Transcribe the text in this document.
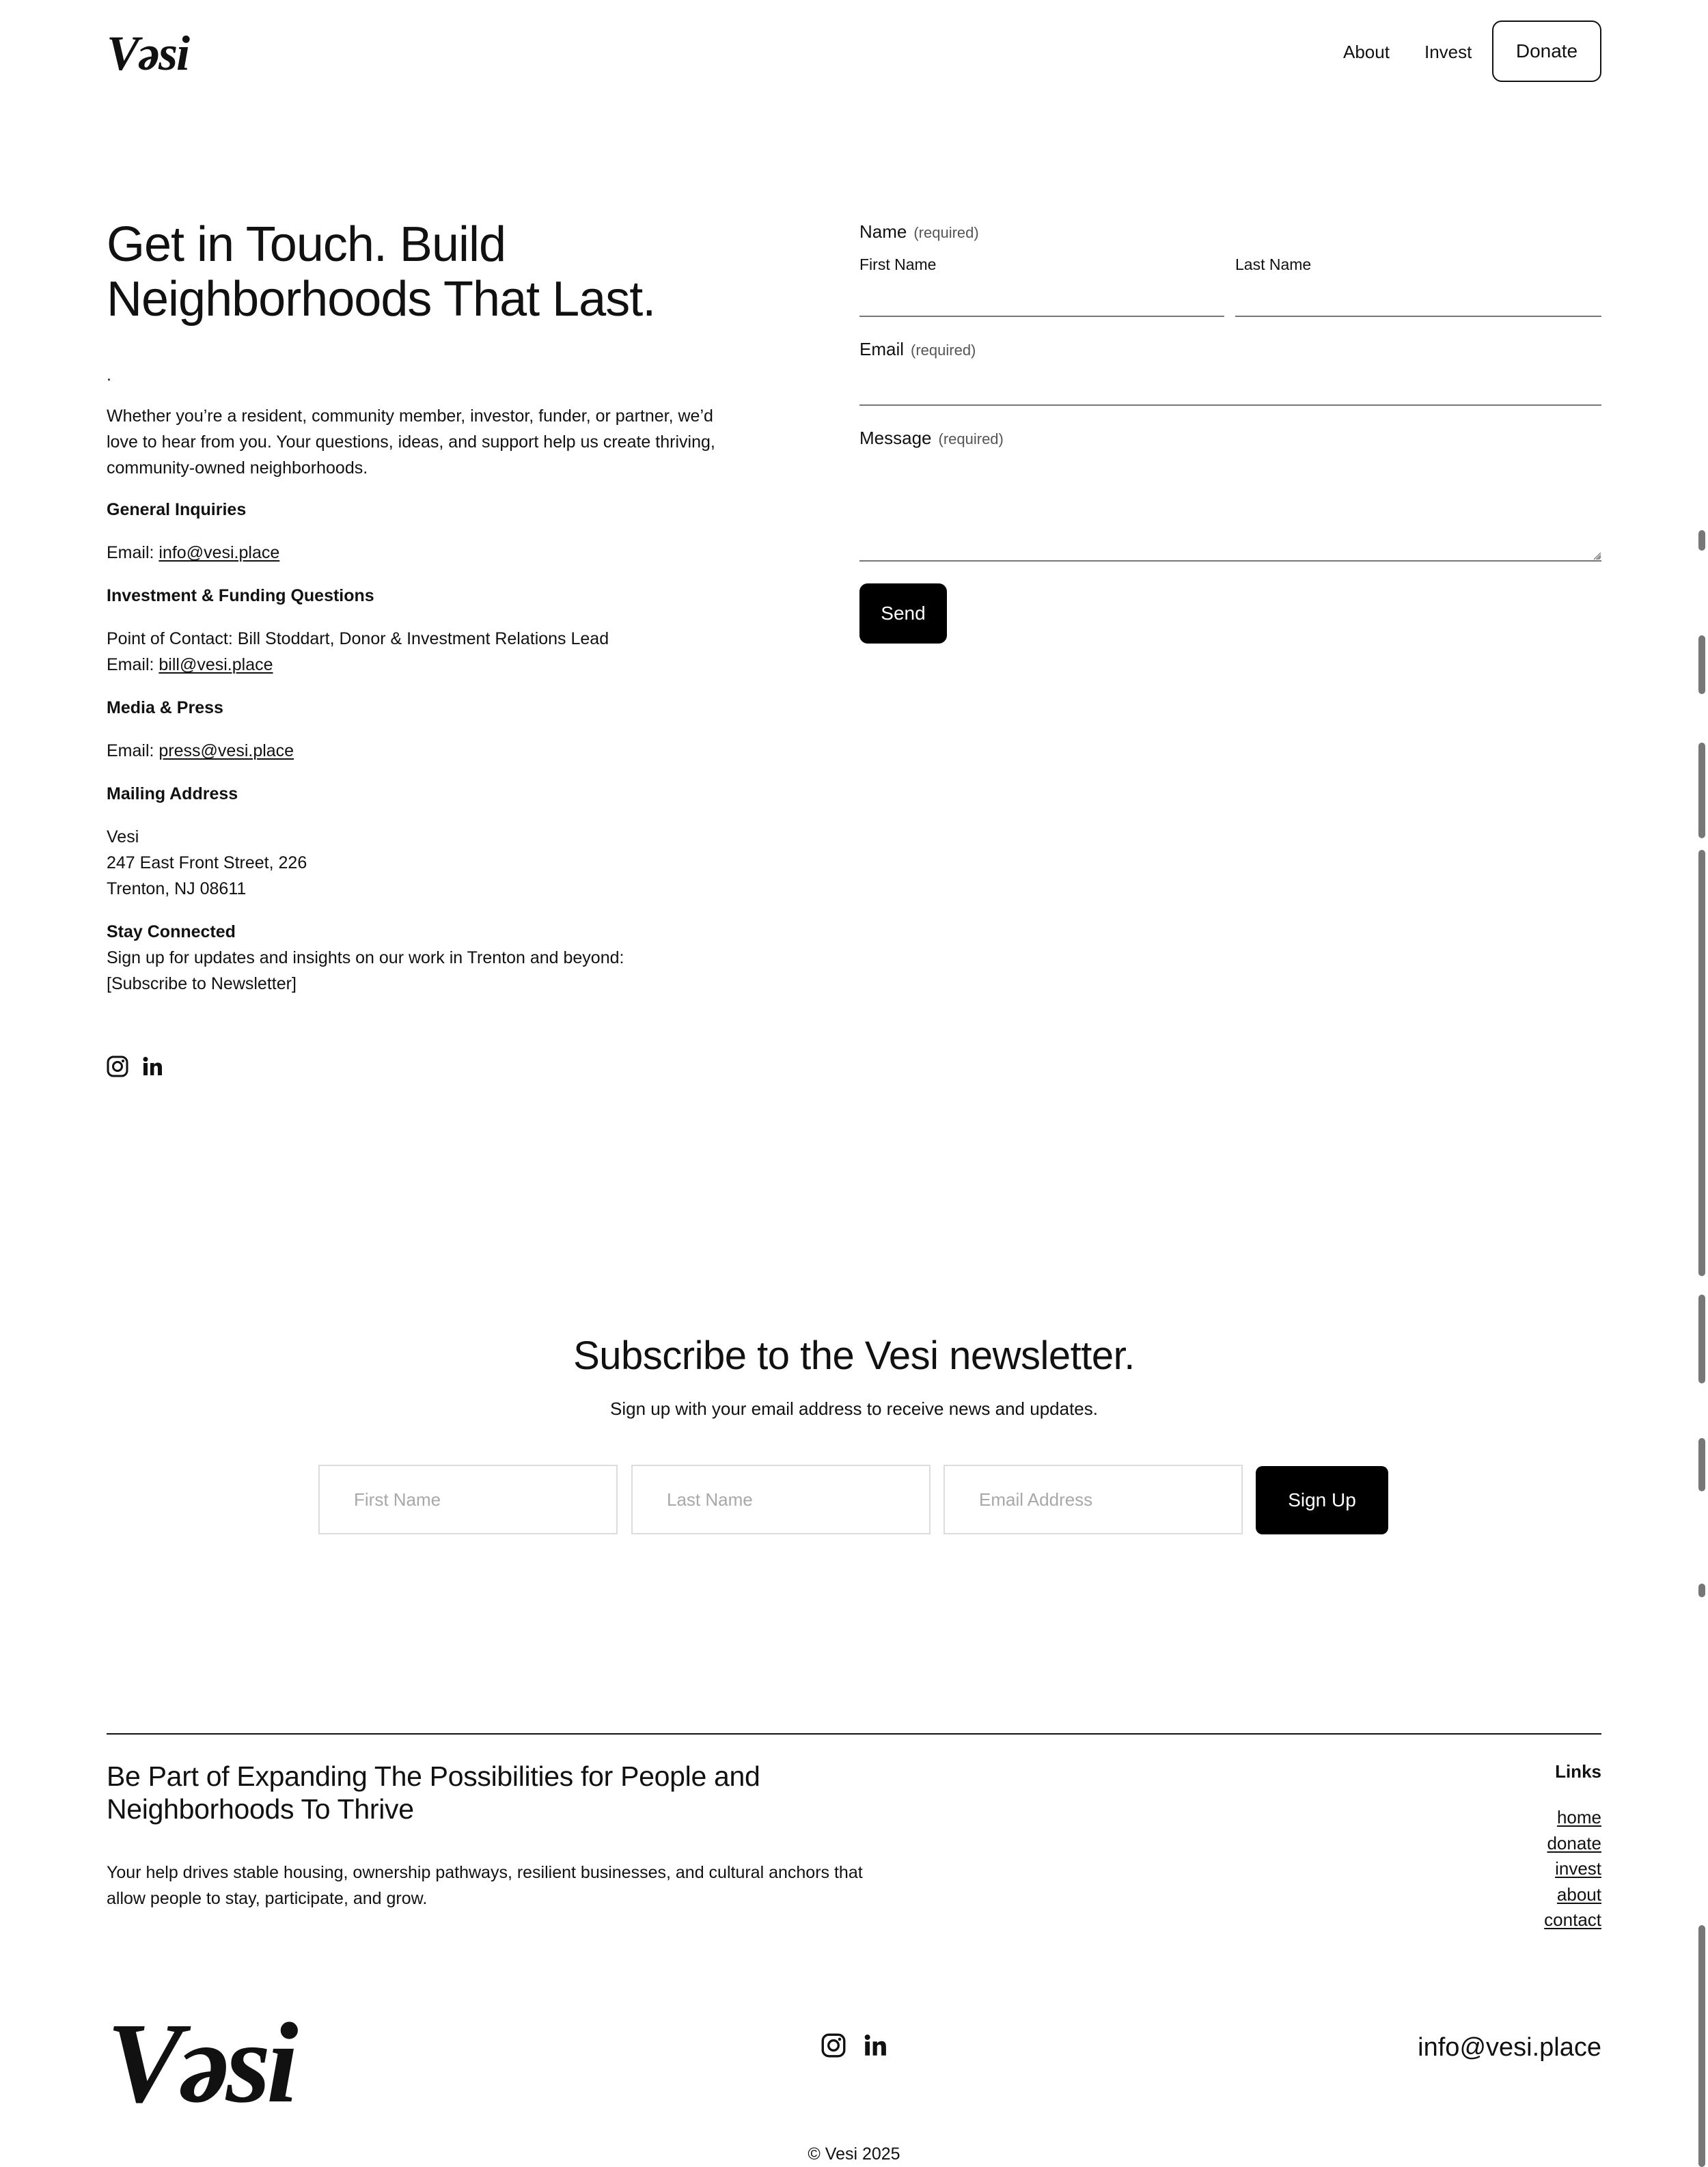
Vəsi	About Invest	Donate
Get in Touch. Build
Neighborhoods That Last.
.
Whether you’re a resident, community member, investor, funder, or partner, we’d love to hear from you. Your questions, ideas, and support help us create thriving, community-owned neighborhoods.
General Inquiries
Email: info@vesi.place
Investment & Funding Questions
Point of Contact: Bill Stoddart, Donor & Investment Relations Lead
Email: bill@vesi.place
Media & Press
Email: press@vesi.place
Mailing Address
Vesi
247 East Front Street, 226
Trenton, NJ 08611
Stay Connected
Sign up for updates and insights on our work in Trenton and beyond:
[Subscribe to Newsletter]
Name (required)
First Name	Last Name
Email (required)
Message (required)
Send
Subscribe to the Vesi newsletter.
Sign up with your email address to receive news and updates.
First Name
Last Name
Email Address
Sign Up
Be Part of Expanding The Possibilities for People and
Neighborhoods To Thrive
Your help drives stable housing, ownership pathways, resilient businesses, and cultural anchors that allow people to stay, participate, and grow.
Links
home
donate
invest
about
contact
Vəsi	info@vesi.place
© Vesi 2025
